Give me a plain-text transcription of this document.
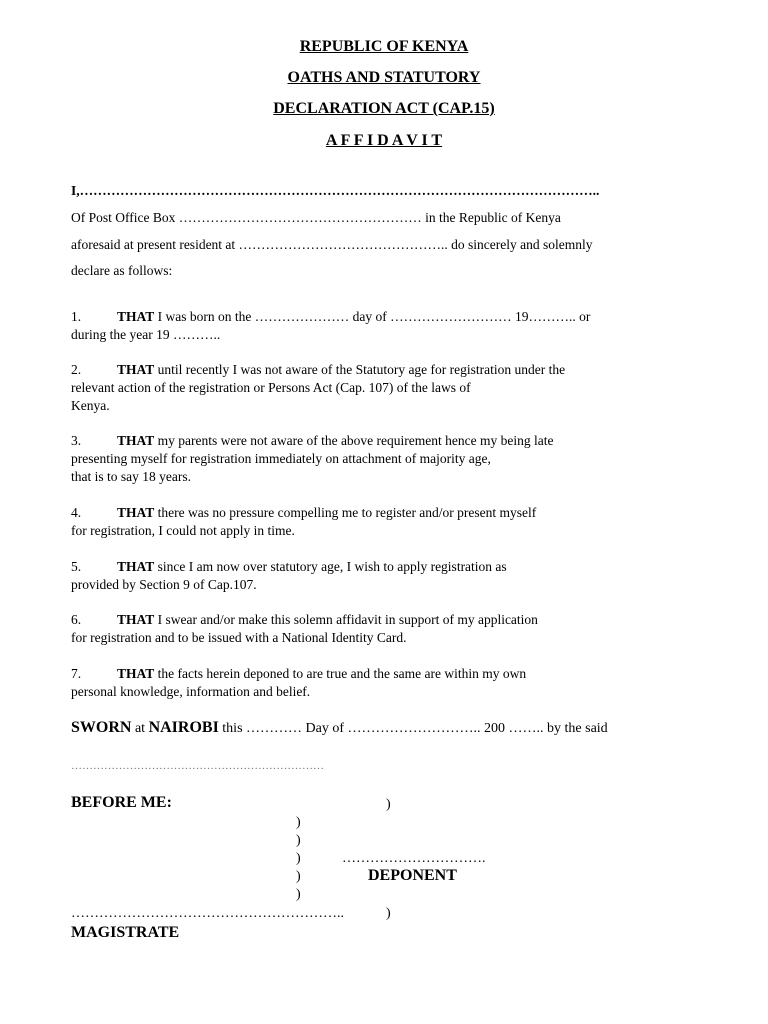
REPUBLIC OF KENYA
OATHS AND STATUTORY
DECLARATION ACT (CAP.15)
A F F I D A V I T
I,……………………………………………………………………………………………………..
Of Post Office Box ……………………………………………… in the Republic of Kenya
aforesaid at present resident at ……………………………………….. do sincerely and solemnly
declare as follows:
1.	THAT I was born on the ………………… day of ……………………… 19……….. or
during the year 19 ………..
2.	THAT until recently I was not aware of the Statutory age for registration under the
relevant action of the registration or Persons Act (Cap. 107) of the laws of
Kenya.
3.	THAT my parents were not aware of the above requirement hence my being late
presenting myself for registration immediately on attachment of majority age,
that is to say 18 years.
4.	THAT there was no pressure compelling me to register and/or present myself
for registration, I could not apply in time.
5.	THAT since I am now over statutory age, I wish to apply registration as
provided by Section 9 of Cap.107.
6.	THAT I swear and/or make this solemn affidavit in support of my application
for registration and to be issued with a National Identity Card.
7.	THAT the facts herein deponed to are true and the same are within my own
personal knowledge, information and belief.
SWORN at NAIROBI this ………… Day of ……………………….. 200 …….. by the said
……………………………………………………………
BEFORE ME:	)
)
)
)	………………………….
)	DEPONENT
)
…………………………………………………..	)
MAGISTRATE
